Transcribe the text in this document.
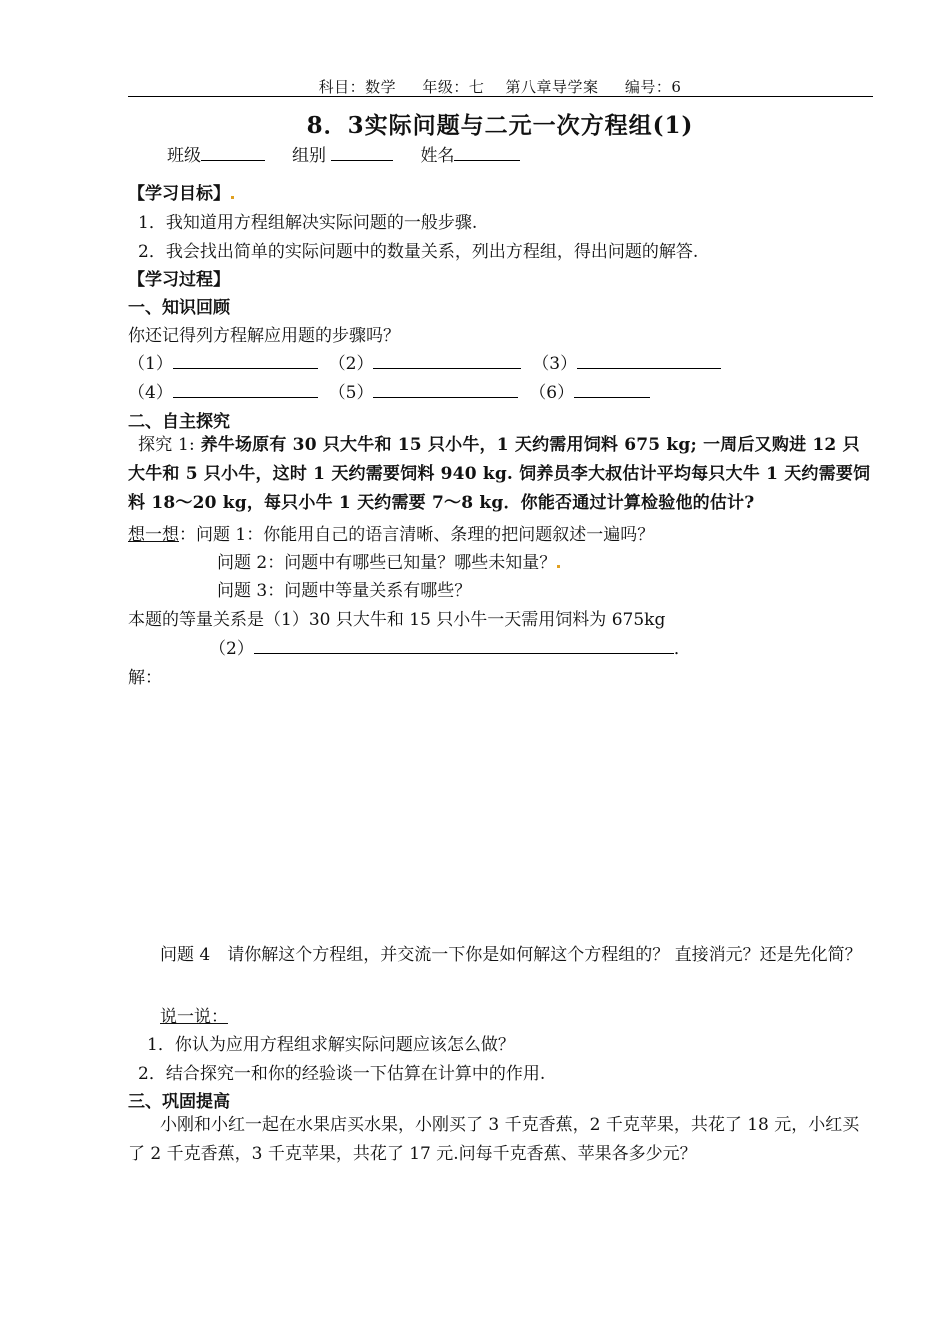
科目：数学 年级：七 第八章导学案 编号：6
8．3实际问题与二元一次方程组(1)
班级	组别	姓名
【学习目标】
1．我知道用方程组解决实际问题的一般步骤.
2．我会找出简单的实际问题中的数量关系，列出方程组，得出问题的解答.
【学习过程】
一、知识回顾
你还记得列方程解应用题的步骤吗？
（1）	（2）	（3）
（4）	（5）	（6）
二、自主探究
探究 1: 养牛场原有 30 只大牛和 15 只小牛，1 天约需用饲料 675 kg; 一周后又购进 12 只大牛和 5 只小牛，这时 1 天约需要饲料 940 kg. 饲养员李大叔估计平均每只大牛 1 天约需要饲料 18～20 kg，每只小牛 1 天约需要 7～8 kg．你能否通过计算检验他的估计?
想一想：问题 1：你能用自己的语言清晰、条理的把问题叙述一遍吗？
问题 2：问题中有哪些已知量？哪些未知量？
问题 3：问题中等量关系有哪些？
本题的等量关系是（1）30 只大牛和 15 只小牛一天需用饲料为 675kg
（2）	．
解：
问题 4　请你解这个方程组，并交流一下你是如何解这个方程组的？ 直接消元？还是先化简？
说一说：
1．你认为应用方程组求解实际问题应该怎么做？
2．结合探究一和你的经验谈一下估算在计算中的作用.
三、巩固提高
小刚和小红一起在水果店买水果，小刚买了 3 千克香蕉，2 千克苹果，共花了 18 元，小红买了 2 千克香蕉，3 千克苹果，共花了 17 元.问每千克香蕉、苹果各多少元？
